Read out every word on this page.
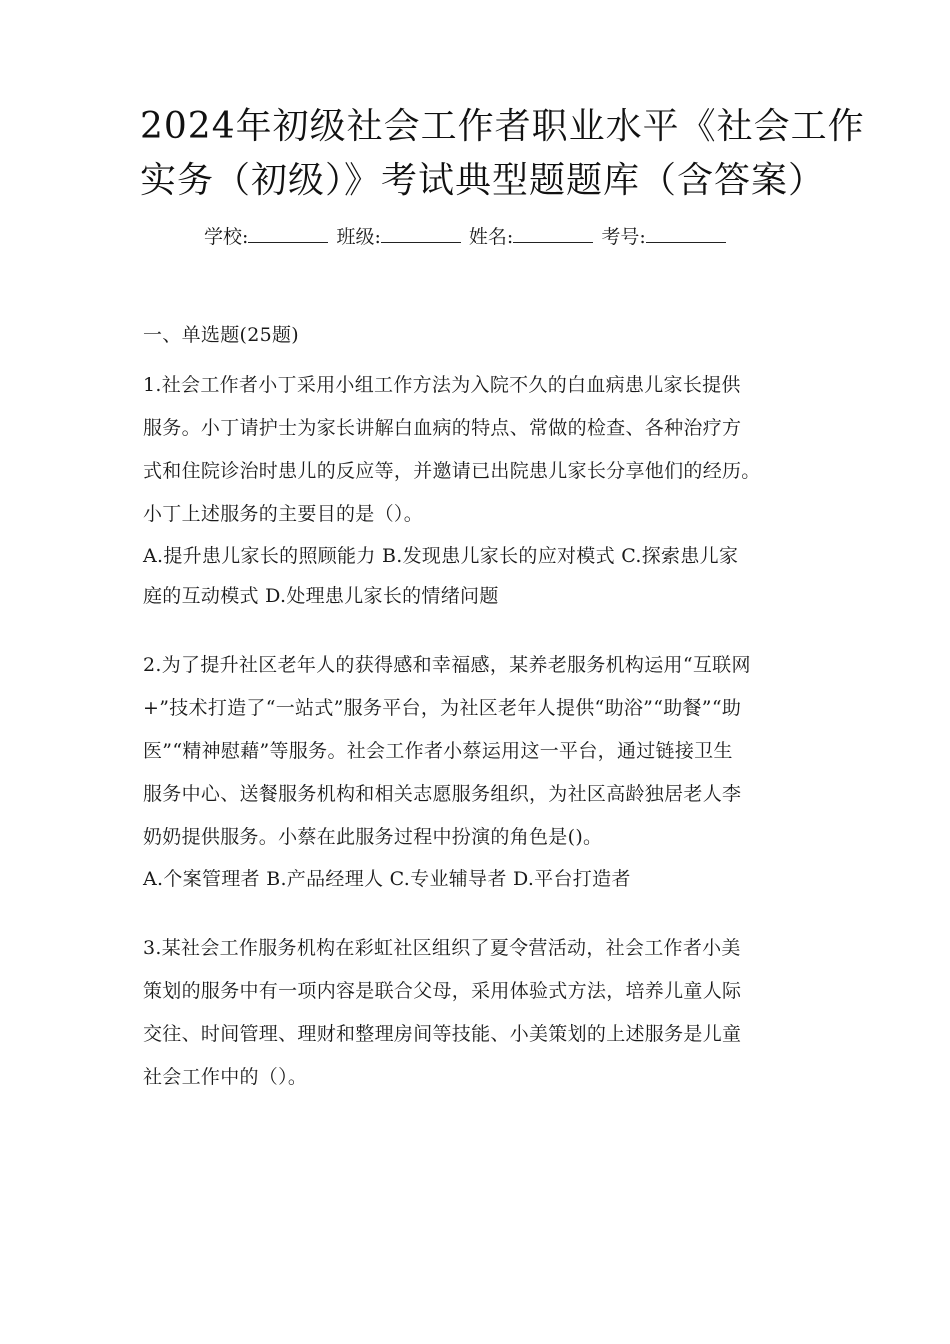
2024年初级社会工作者职业水平《社会工作
实务（初级）》考试典型题题库（含答案）
学校:	班级:	姓名:	考号:
一、单选题(25题)
1.社会工作者小丁采用小组工作方法为入院不久的白血病患儿家长提供
服务。小丁请护士为家长讲解白血病的特点、常做的检查、各种治疗方
式和住院诊治时患儿的反应等，并邀请已出院患儿家长分享他们的经历。
小丁上述服务的主要目的是（）。
A.提升患儿家长的照顾能力 B.发现患儿家长的应对模式 C.探索患儿家
庭的互动模式 D.处理患儿家长的情绪问题
2.为了提升社区老年人的获得感和幸福感，某养老服务机构运用“互联网
+”技术打造了“一站式”服务平台，为社区老年人提供“助浴”“助餐”“助
医”“精神慰藉”等服务。社会工作者小蔡运用这一平台，通过链接卫生
服务中心、送餐服务机构和相关志愿服务组织，为社区高龄独居老人李
奶奶提供服务。小蔡在此服务过程中扮演的角色是()。
A.个案管理者 B.产品经理人 C.专业辅导者 D.平台打造者
3.某社会工作服务机构在彩虹社区组织了夏令营活动，社会工作者小美
策划的服务中有一项内容是联合父母，采用体验式方法，培养儿童人际
交往、时间管理、理财和整理房间等技能、小美策划的上述服务是儿童
社会工作中的（）。
